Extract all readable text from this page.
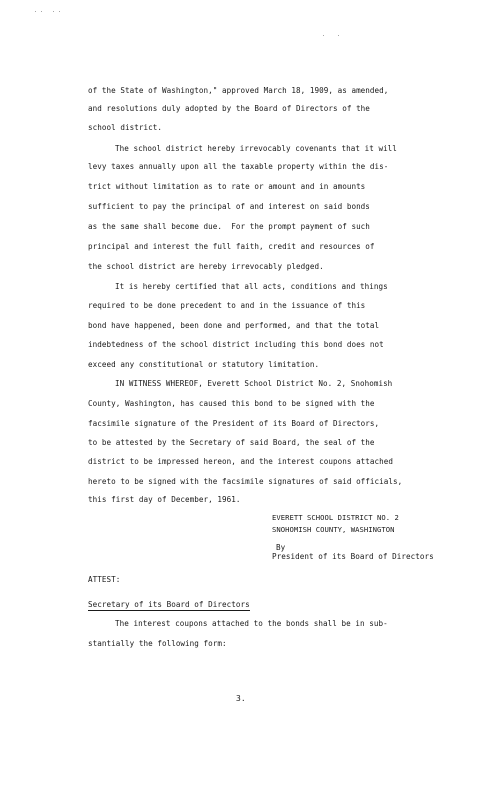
. .   . .
.    .
of the State of Washington," approved March 18, 1909, as amended,
and resolutions duly adopted by the Board of Directors of the
school district.
The school district hereby irrevocably covenants that it will
levy taxes annually upon all the taxable property within the dis-
trict without limitation as to rate or amount and in amounts
sufficient to pay the principal of and interest on said bonds
as the same shall become due.  For the prompt payment of such
principal and interest the full faith, credit and resources of
the school district are hereby irrevocably pledged.
It is hereby certified that all acts, conditions and things
required to be done precedent to and in the issuance of this
bond have happened, been done and performed, and that the total
indebtedness of the school district including this bond does not
exceed any constitutional or statutory limitation.
IN WITNESS WHEREOF, Everett School District No. 2, Snohomish
County, Washington, has caused this bond to be signed with the
facsimile signature of the President of its Board of Directors,
to be attested by the Secretary of said Board, the seal of the
district to be impressed hereon, and the interest coupons attached
hereto to be signed with the facsimile signatures of said officials,
this first day of December, 1961.
EVERETT SCHOOL DISTRICT NO. 2
SNOHOMISH COUNTY, WASHINGTON
By
President of its Board of Directors
ATTEST:
Secretary of its Board of Directors
The interest coupons attached to the bonds shall be in sub-
stantially the following form:
3.
